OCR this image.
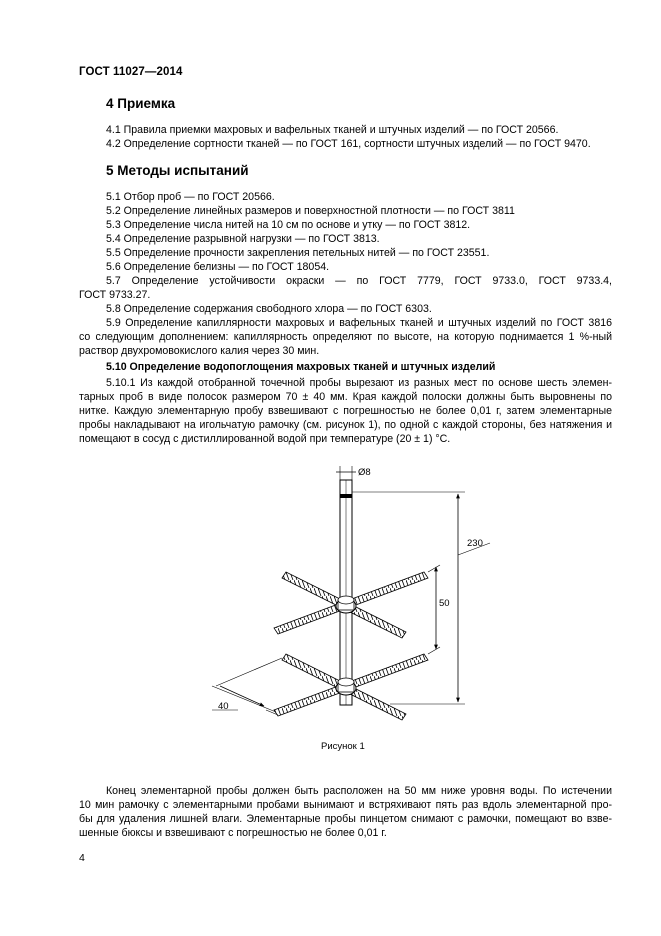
ГОСТ 11027—2014
4 Приемка
4.1 Правила приемки махровых и вафельных тканей и штучных изделий — по ГОСТ 20566.
4.2 Определение сортности тканей — по ГОСТ 161, сортности штучных изделий — по ГОСТ 9470.
5 Методы испытаний
5.1 Отбор проб — по ГОСТ 20566.
5.2 Определение линейных размеров и поверхностной плотности — по ГОСТ 3811
5.3 Определение числа нитей на 10 см по основе и утку — по ГОСТ 3812.
5.4 Определение разрывной нагрузки — по ГОСТ 3813.
5.5 Определение прочности закрепления петельных нитей — по ГОСТ 23551.
5.6 Определение белизны — по ГОСТ 18054.
5.7 Определение устойчивости окраски — по ГОСТ 7779, ГОСТ 9733.0, ГОСТ 9733.4,
ГОСТ 9733.27.
5.8 Определение содержания свободного хлора — по ГОСТ 6303.
5.9 Определение капиллярности махровых и вафельных тканей и штучных изделий по ГОСТ 3816
со следующим дополнением: капиллярность определяют по высоте, на которую поднимается 1 %-ный
раствор двухромовокислого калия через 30 мин.
5.10 Определение водопоглощения махровых тканей и штучных изделий
5.10.1 Из каждой отобранной точечной пробы вырезают из разных мест по основе шесть элемен-
тарных проб в виде полосок размером 70 ± 40 мм. Края каждой полоски должны быть выровнены по
нитке. Каждую элементарную пробу взвешивают с погрешностью не более 0,01 г, затем элементарные
пробы накладывают на игольчатую рамочку (см. рисунок 1), по одной с каждой стороны, без натяжения и
помещают в сосуд с дистиллированной водой при температуре (20 ± 1) °С.
Ø8
230
50
40
Рисунок 1
Конец элементарной пробы должен быть расположен на 50 мм ниже уровня воды. По истечении
10 мин рамочку с элементарными пробами вынимают и встряхивают пять раз вдоль элементарной про-
бы для удаления лишней влаги. Элементарные пробы пинцетом снимают с рамочки, помещают во взве-
шенные бюксы и взвешивают с погрешностью не более 0,01 г.
4
